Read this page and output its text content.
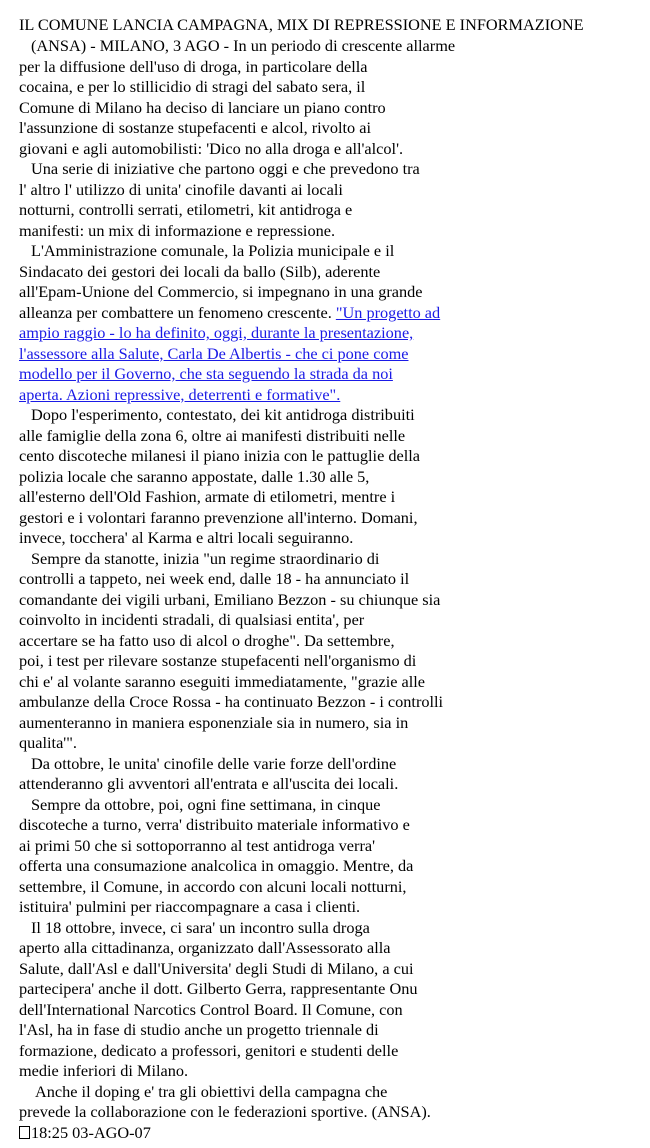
IL COMUNE LANCIA CAMPAGNA, MIX DI REPRESSIONE E INFORMAZIONE
(ANSA) - MILANO, 3 AGO - In un periodo di crescente allarme
per la diffusione dell'uso di droga, in particolare della
cocaina, e per lo stillicidio di stragi del sabato sera, il
Comune di Milano ha deciso di lanciare un piano contro
l'assunzione di sostanze stupefacenti e alcol, rivolto ai
giovani e agli automobilisti: 'Dico no alla droga e all'alcol'.
Una serie di iniziative che partono oggi e che prevedono tra
l' altro l' utilizzo di unita' cinofile davanti ai locali
notturni, controlli serrati, etilometri, kit antidroga e
manifesti: un mix di informazione e repressione.
L'Amministrazione comunale, la Polizia municipale e il
Sindacato dei gestori dei locali da ballo (Silb), aderente
all'Epam-Unione del Commercio, si impegnano in una grande
alleanza per combattere un fenomeno crescente. "Un progetto ad
ampio raggio - lo ha definito, oggi, durante la presentazione,
l'assessore alla Salute, Carla De Albertis - che ci pone come
modello per il Governo, che sta seguendo la strada da noi
aperta. Azioni repressive, deterrenti e formative".
Dopo l'esperimento, contestato, dei kit antidroga distribuiti
alle famiglie della zona 6, oltre ai manifesti distribuiti nelle
cento discoteche milanesi il piano inizia con le pattuglie della
polizia locale che saranno appostate, dalle 1.30 alle 5,
all'esterno dell'Old Fashion, armate di etilometri, mentre i
gestori e i volontari faranno prevenzione all'interno. Domani,
invece, tocchera' al Karma e altri locali seguiranno.
Sempre da stanotte, inizia "un regime straordinario di
controlli a tappeto, nei week end, dalle 18 - ha annunciato il
comandante dei vigili urbani, Emiliano Bezzon - su chiunque sia
coinvolto in incidenti stradali, di qualsiasi entita', per
accertare se ha fatto uso di alcol o droghe". Da settembre,
poi, i test per rilevare sostanze stupefacenti nell'organismo di
chi e' al volante saranno eseguiti immediatamente, "grazie alle
ambulanze della Croce Rossa - ha continuato Bezzon - i controlli
aumenteranno in maniera esponenziale sia in numero, sia in
qualita'".
Da ottobre, le unita' cinofile delle varie forze dell'ordine
attenderanno gli avventori all'entrata e all'uscita dei locali.
Sempre da ottobre, poi, ogni fine settimana, in cinque
discoteche a turno, verra' distribuito materiale informativo e
ai primi 50 che si sottoporranno al test antidroga verra'
offerta una consumazione analcolica in omaggio. Mentre, da
settembre, il Comune, in accordo con alcuni locali notturni,
istituira' pulmini per riaccompagnare a casa i clienti.
Il 18 ottobre, invece, ci sara' un incontro sulla droga
aperto alla cittadinanza, organizzato dall'Assessorato alla
Salute, dall'Asl e dall'Universita' degli Studi di Milano, a cui
partecipera' anche il dott. Gilberto Gerra, rappresentante Onu
dell'International Narcotics Control Board. Il Comune, con
l'Asl, ha in fase di studio anche un progetto triennale di
formazione, dedicato a professori, genitori e studenti delle
medie inferiori di Milano.
Anche il doping e' tra gli obiettivi della campagna che
prevede la collaborazione con le federazioni sportive. (ANSA).
18:25 03-AGO-07
